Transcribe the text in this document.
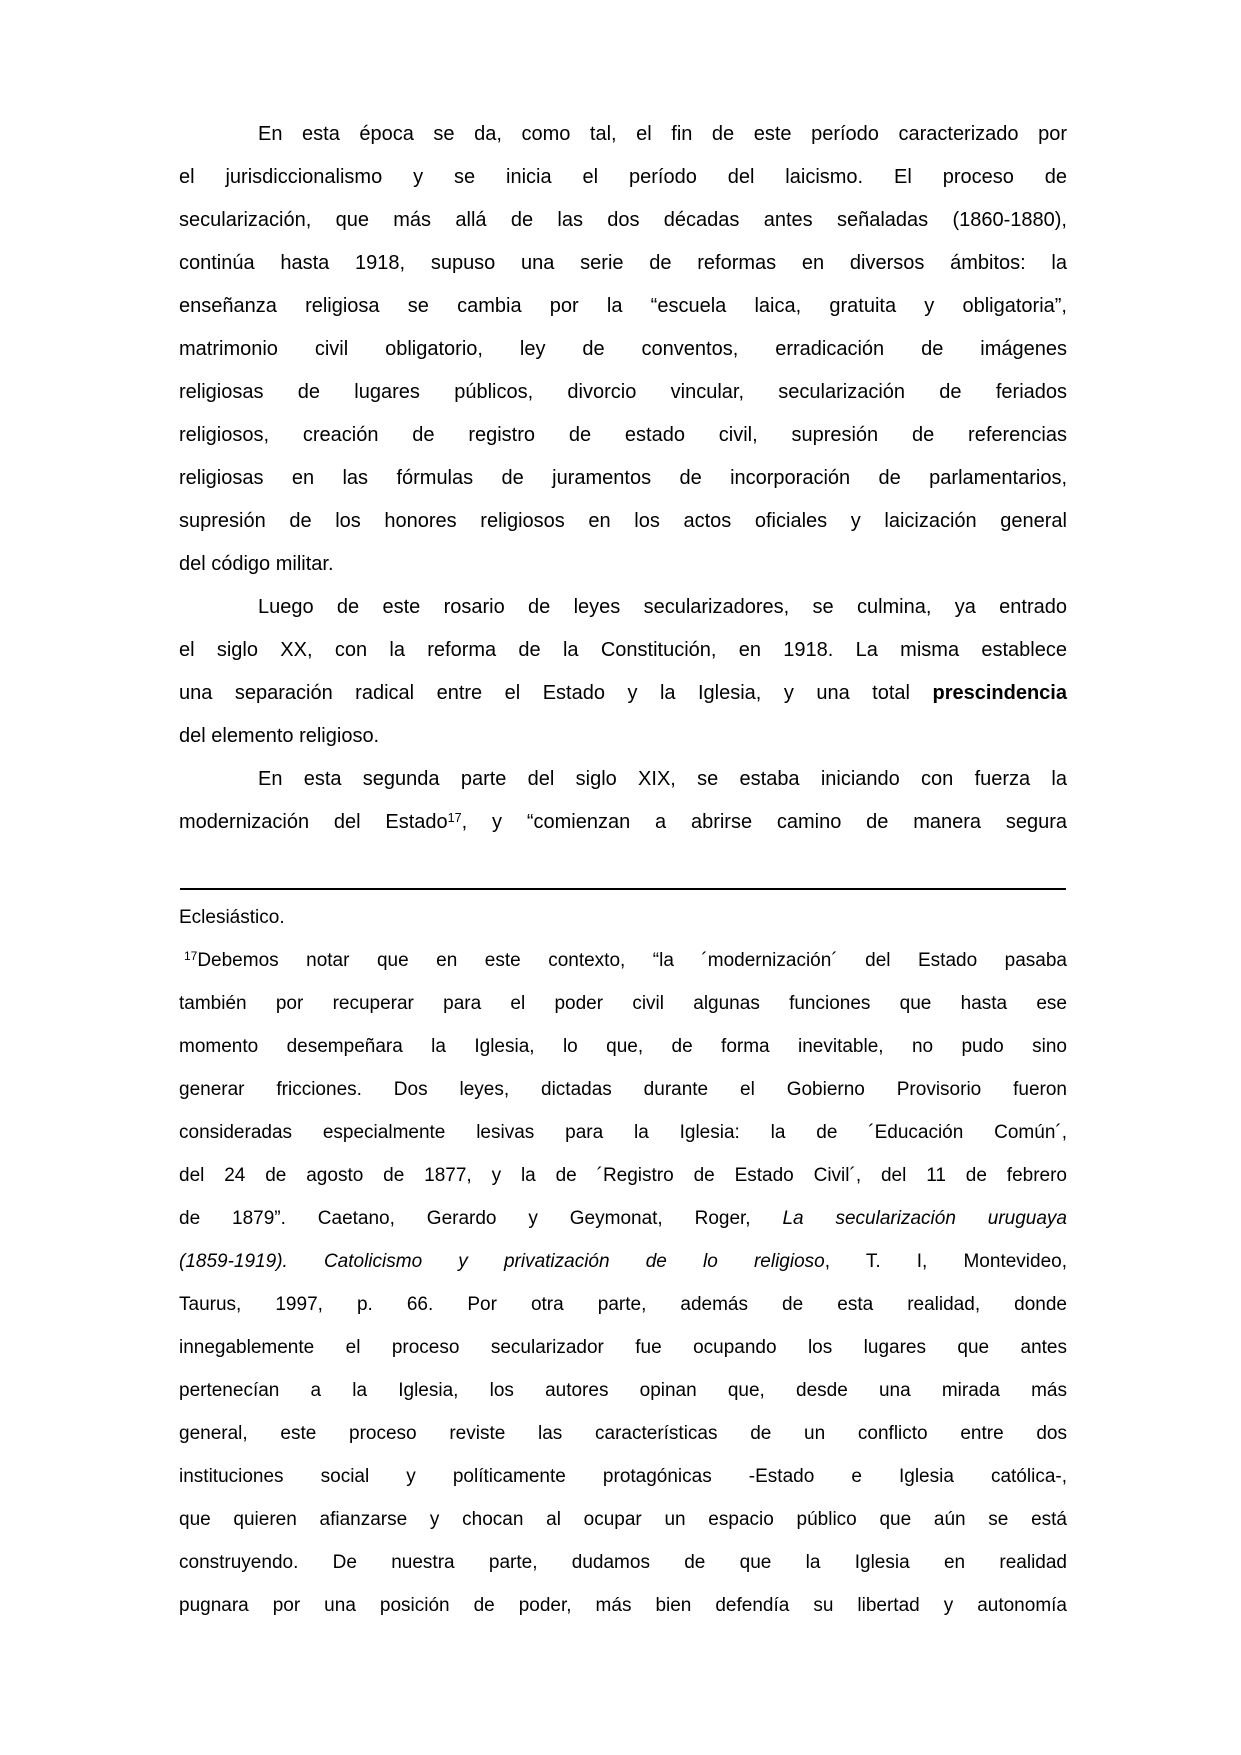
En esta época se da, como tal, el fin de este período caracterizado por
el jurisdiccionalismo y se inicia el período del laicismo. El proceso de
secularización, que más allá de las dos décadas antes señaladas (1860-1880),
continúa hasta 1918, supuso una serie de reformas en diversos ámbitos: la
enseñanza religiosa se cambia por la “escuela laica, gratuita y obligatoria”,
matrimonio civil obligatorio, ley de conventos, erradicación de imágenes
religiosas de lugares públicos, divorcio vincular, secularización de feriados
religiosos, creación de registro de estado civil, supresión de referencias
religiosas en las fórmulas de juramentos de incorporación de parlamentarios,
supresión de los honores religiosos en los actos oficiales y laicización general
del código militar.
Luego de este rosario de leyes secularizadores, se culmina, ya entrado
el siglo XX, con la reforma de la Constitución, en 1918. La misma establece
una separación radical entre el Estado y la Iglesia, y una total prescindencia
del elemento religioso.
En esta segunda parte del siglo XIX, se estaba iniciando con fuerza la
modernización del Estado$^{17}$, y “comienzan a abrirse camino de manera segura
Eclesiástico.
$^{17}$Debemos notar que en este contexto, “la ´modernización´ del Estado pasaba
también por recuperar para el poder civil algunas funciones que hasta ese
momento desempeñara la Iglesia, lo que, de forma inevitable, no pudo sino
generar fricciones. Dos leyes, dictadas durante el Gobierno Provisorio fueron
consideradas especialmente lesivas para la Iglesia: la de ´Educación Común´,
del 24 de agosto de 1877, y la de ´Registro de Estado Civil´, del 11 de febrero
de 1879”. Caetano, Gerardo y Geymonat, Roger, La secularización uruguaya
(1859-1919). Catolicismo y privatización de lo religioso, T. I, Montevideo,
Taurus, 1997, p. 66. Por otra parte, además de esta realidad, donde
innegablemente el proceso secularizador fue ocupando los lugares que antes
pertenecían a la Iglesia, los autores opinan que, desde una mirada más
general, este proceso reviste las características de un conflicto entre dos
instituciones social y políticamente protagónicas -Estado e Iglesia católica-,
que quieren afianzarse y chocan al ocupar un espacio público que aún se está
construyendo. De nuestra parte, dudamos de que la Iglesia en realidad
pugnara por una posición de poder, más bien defendía su libertad y autonomía
